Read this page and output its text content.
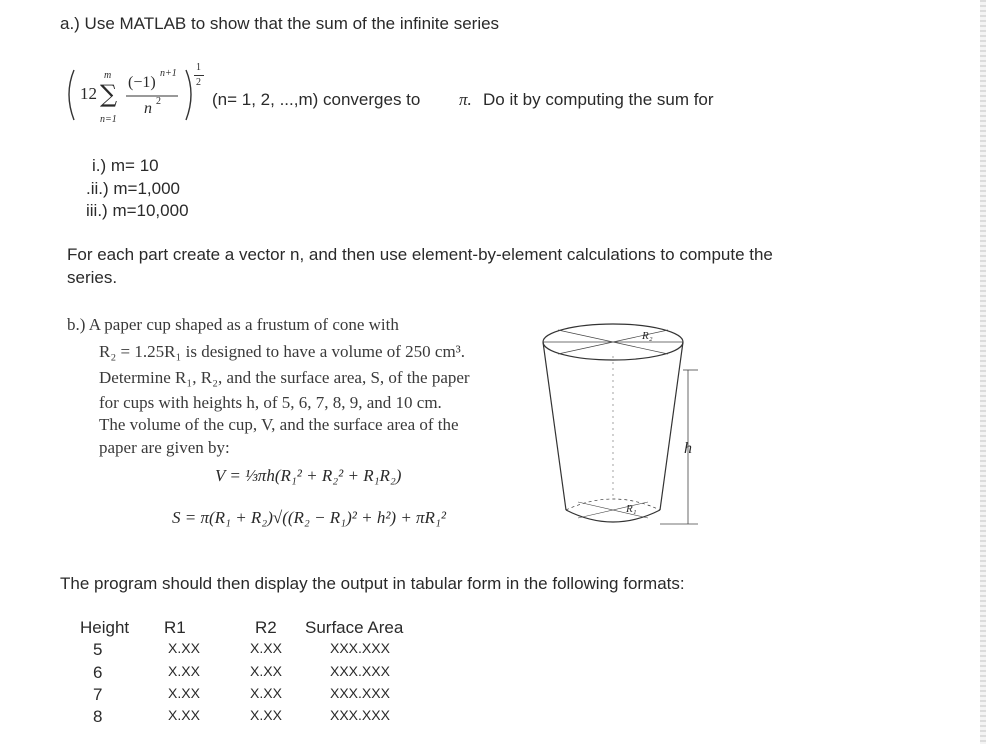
a.) Use MATLAB to show that the sum of the infinite series
12 ∑
m
n=1
(−1)
n+1
n 2
1
2
(n= 1, 2, ...,m) converges to π. Do it by computing the sum for
i.) m= 10
.ii.) m=1,000
iii.) m=10,000
For each part create a vector n, and then use element-by-element calculations to compute the
series.
b.) A paper cup shaped as a frustum of cone with
R₂ = 1.25R₁ is designed to have a volume of 250 cm³.
Determine R₁, R₂, and the surface area, S, of the paper
for cups with heights h, of 5, 6, 7, 8, 9, and 10 cm.
The volume of the cup, V, and the surface area of the
paper are given by:
V = ⅓πh(R₁² + R₂² + R₁R₂)
S = π(R₁ + R₂)√((R₂ − R₁)² + h²) + πR₁²
R₂
R₁
h
The program should then display the output in tabular form in the following formats:
Height R1	R2 Surface Area
5	X.XX	X.XX	XXX.XXX
6	X.XX	X.XX	XXX.XXX
7	X.XX	X.XX	XXX.XXX
8	X.XX	X.XX	XXX.XXX
